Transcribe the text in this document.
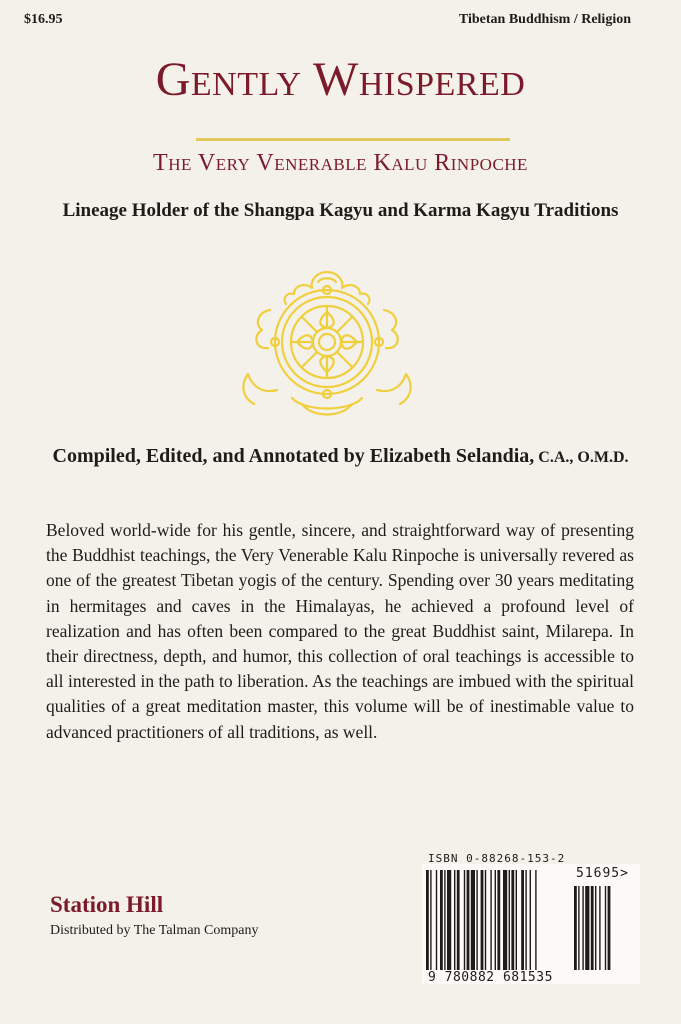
$16.95	Tibetan Buddhism / Religion
Gently Whispered
The Very Venerable Kalu Rinpoche
Lineage Holder of the Shangpa Kagyu and Karma Kagyu Traditions
Compiled, Edited, and Annotated by Elizabeth Selandia, C.A., O.M.D.
Beloved world-wide for his gentle, sincere, and straightforward way of presenting the Buddhist teachings, the Very Venerable Kalu Rinpoche is universally revered as one of the greatest Tibetan yogis of the century. Spending over 30 years meditating in hermitages and caves in the Himalayas, he achieved a profound level of realization and has often been compared to the great Buddhist saint, Milarepa. In their directness, depth, and humor, this collection of oral teachings is accessible to all interested in the path to liberation. As the teachings are imbued with the spiritual qualities of a great meditation master, this volume will be of inestimable value to advanced practitioners of all traditions, as well.
Station Hill
Distributed by The Talman Company
ISBN 0-88268-153-2
9 780882 681535
51695>
